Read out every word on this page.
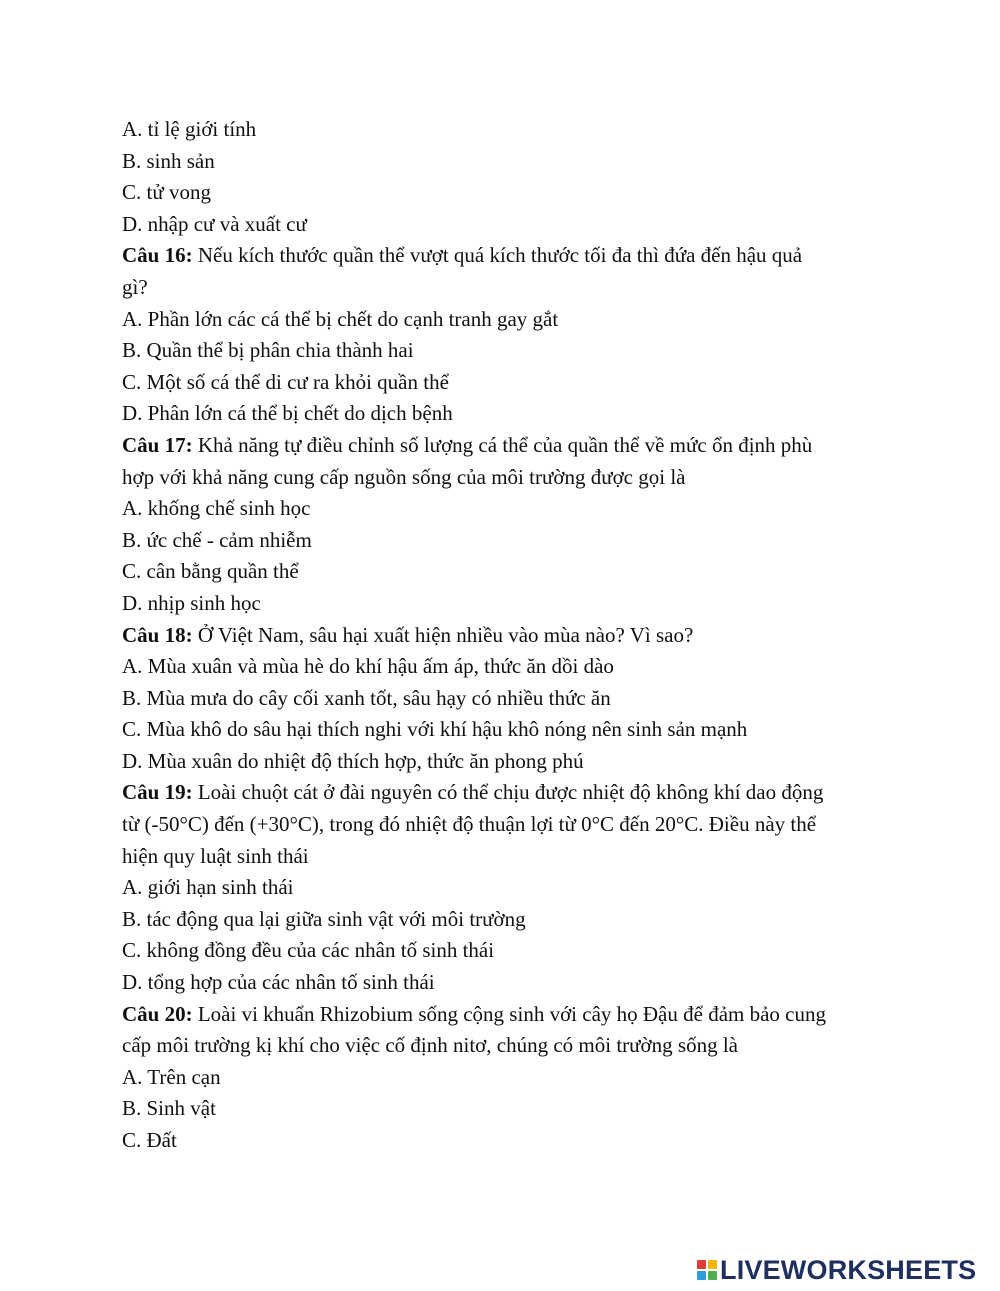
A. tỉ lệ giới tính
B. sinh sản
C. tử vong
D. nhập cư và xuất cư
Câu 16: Nếu kích thước quần thể vượt quá kích thước tối đa thì đứa đến hậu quả
gì?
A. Phần lớn các cá thể bị chết do cạnh tranh gay gắt
B. Quần thể bị phân chia thành hai
C. Một số cá thể di cư ra khỏi quần thể
D. Phân lớn cá thể bị chết do dịch bệnh
Câu 17: Khả năng tự điều chỉnh số lượng cá thể của quần thể về mức ổn định phù
hợp với khả năng cung cấp nguồn sống của môi trường được gọi là
A. khống chế sinh học
B. ức chế - cảm nhiễm
C. cân bằng quần thể
D. nhịp sinh học
Câu 18: Ở Việt Nam, sâu hại xuất hiện nhiều vào mùa nào? Vì sao?
A. Mùa xuân và mùa hè do khí hậu ấm áp, thức ăn dồi dào
B. Mùa mưa do cây cối xanh tốt, sâu hạy có nhiều thức ăn
C. Mùa khô do sâu hại thích nghi với khí hậu khô nóng nên sinh sản mạnh
D. Mùa xuân do nhiệt độ thích hợp, thức ăn phong phú
Câu 19: Loài chuột cát ở đài nguyên có thể chịu được nhiệt độ không khí dao động
từ (-50°C) đến (+30°C), trong đó nhiệt độ thuận lợi từ 0°C đến 20°C. Điều này thể
hiện quy luật sinh thái
A. giới hạn sinh thái
B. tác động qua lại giữa sinh vật với môi trường
C. không đồng đều của các nhân tố sinh thái
D. tổng hợp của các nhân tố sinh thái
Câu 20: Loài vi khuẩn Rhizobium sống cộng sinh với cây họ Đậu để đảm bảo cung
cấp môi trường kị khí cho việc cố định nitơ, chúng có môi trường sống là
A. Trên cạn
B. Sinh vật
C. Đất
LIVEWORKSHEETS
